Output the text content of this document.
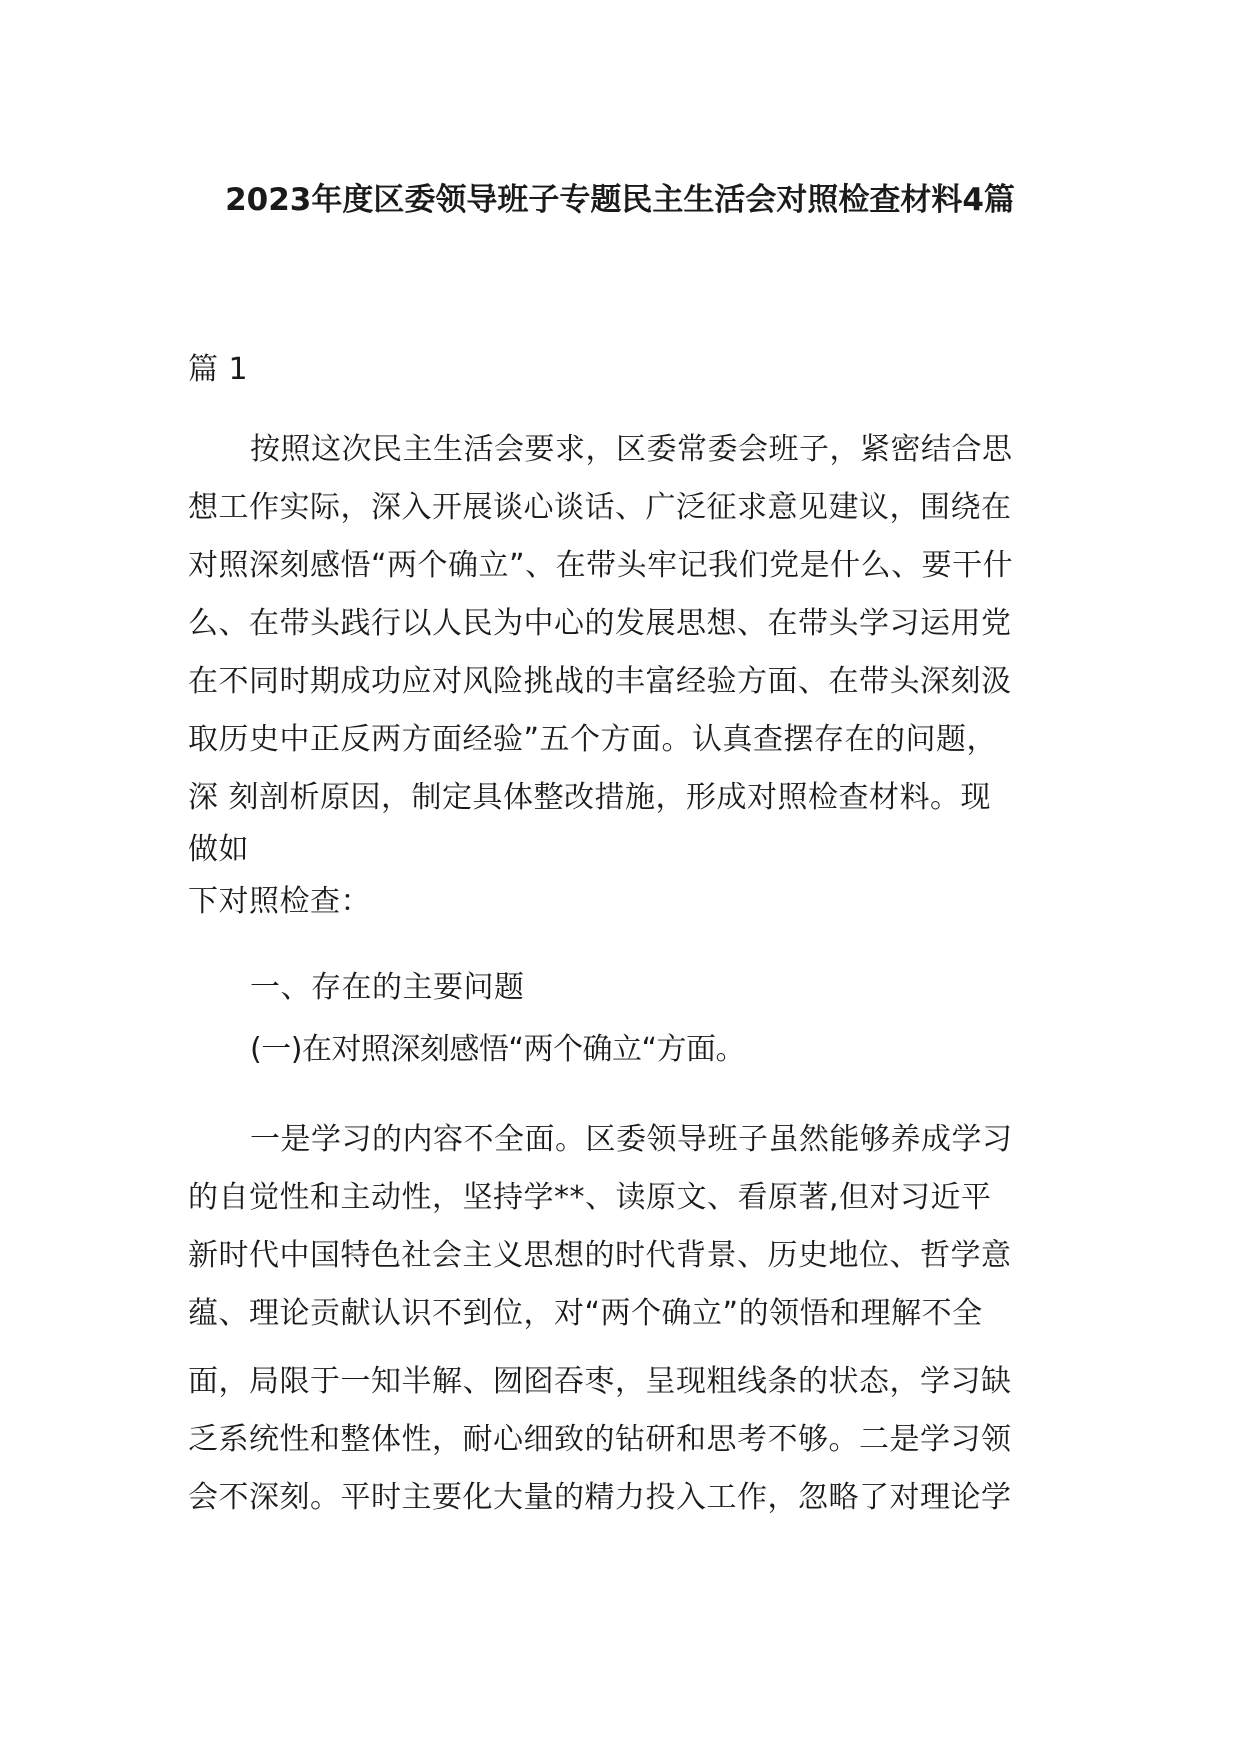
2023年度区委领导班子专题民主生活会对照检查材料4篇
篇 1
按照这次民主生活会要求，区委常委会班子，紧密结合思
想工作实际，深入开展谈心谈话、广泛征求意见建议，围绕在
对照深刻感悟“两个确立”、在带头牢记我们党是什么、要干什
么、在带头践行以人民为中心的发展思想、在带头学习运用党
在不同时期成功应对风险挑战的丰富经验方面、在带头深刻汲
取历史中正反两方面经验”五个方面。认真查摆存在的问题，
深 刻剖析原因，制定具体整改措施，形成对照检查材料。现
做如
下对照检查：
一、存在的主要问题
(一)在对照深刻感悟“两个确立“方面。
一是学习的内容不全面。区委领导班子虽然能够养成学习
的自觉性和主动性，坚持学**、读原文、看原著,但对习近平
新时代中国特色社会主义思想的时代背景、历史地位、哲学意
蕴、理论贡献认识不到位，对“两个确立”的领悟和理解不全
面，局限于一知半解、囫囵吞枣，呈现粗线条的状态，学习缺
乏系统性和整体性，耐心细致的钻研和思考不够。二是学习领
会不深刻。平时主要化大量的精力投入工作，忽略了对理论学
